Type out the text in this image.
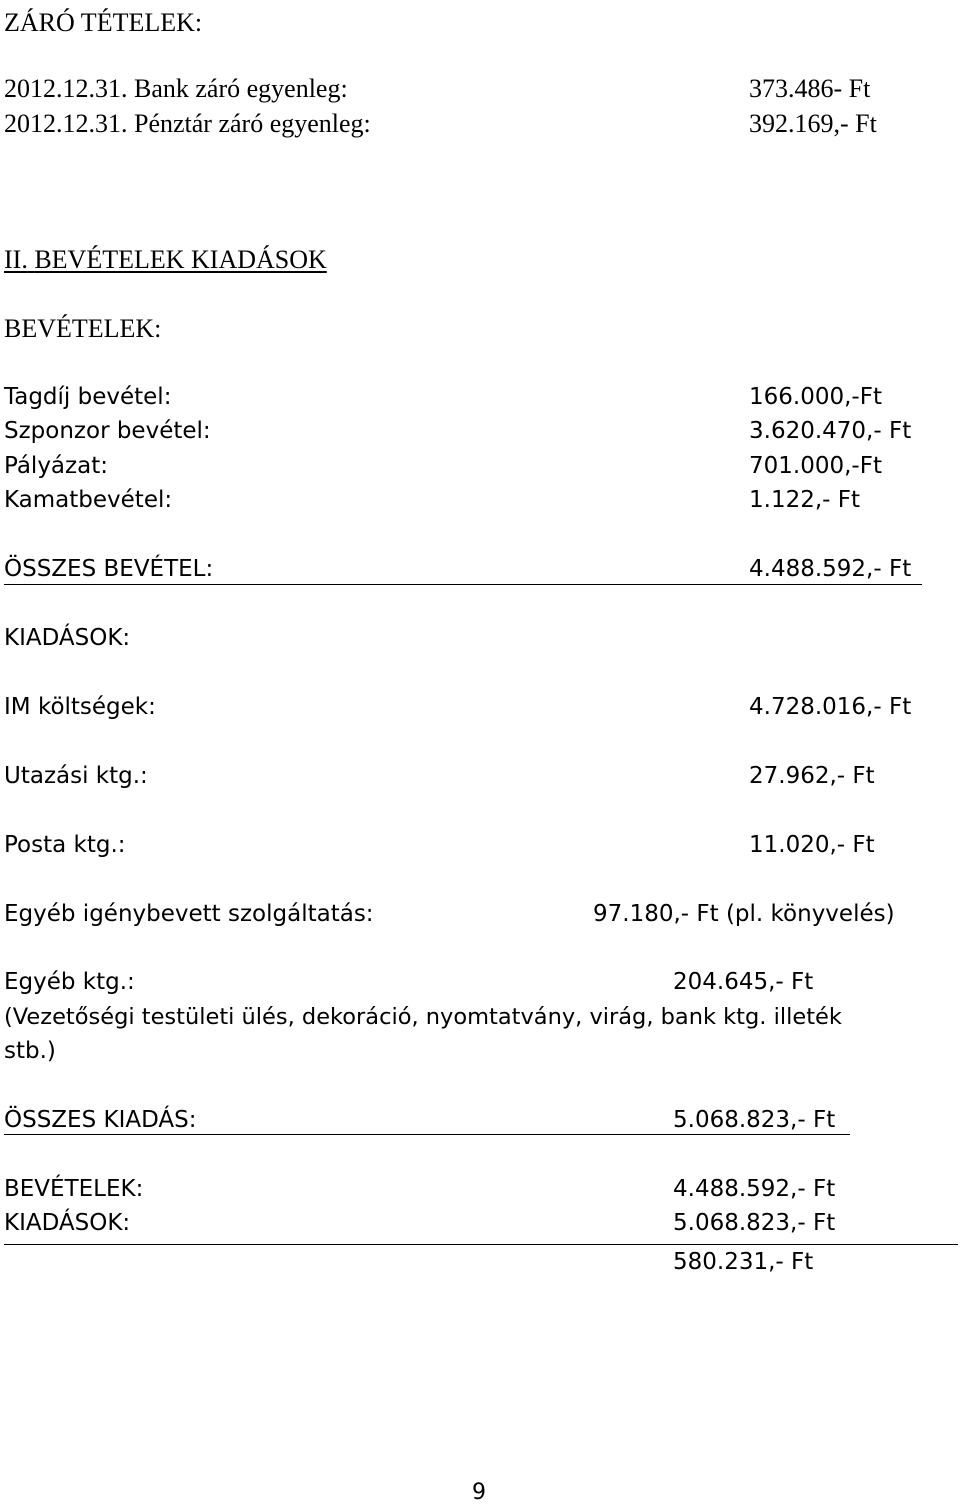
ZÁRÓ TÉTELEK:
2012.12.31. Bank záró egyenleg:	373.486- Ft
2012.12.31. Pénztár záró egyenleg:	392.169,- Ft
II. BEVÉTELEK KIADÁSOK
BEVÉTELEK:
Tagdíj bevétel:	166.000,-Ft
Szponzor bevétel:	3.620.470,- Ft
Pályázat:	701.000,-Ft
Kamatbevétel:	1.122,- Ft
ÖSSZES BEVÉTEL:	4.488.592,- Ft
KIADÁSOK:
IM költségek:	4.728.016,- Ft
Utazási ktg.:	27.962,- Ft
Posta ktg.:	11.020,- Ft
Egyéb igénybevett szolgáltatás:	97.180,- Ft (pl. könyvelés)
Egyéb ktg.:	204.645,- Ft
(Vezetőségi testületi ülés, dekoráció, nyomtatvány, virág, bank ktg. illeték
stb.)
ÖSSZES KIADÁS:	5.068.823,- Ft
BEVÉTELEK:	4.488.592,- Ft
KIADÁSOK:	5.068.823,- Ft
580.231,- Ft
9
